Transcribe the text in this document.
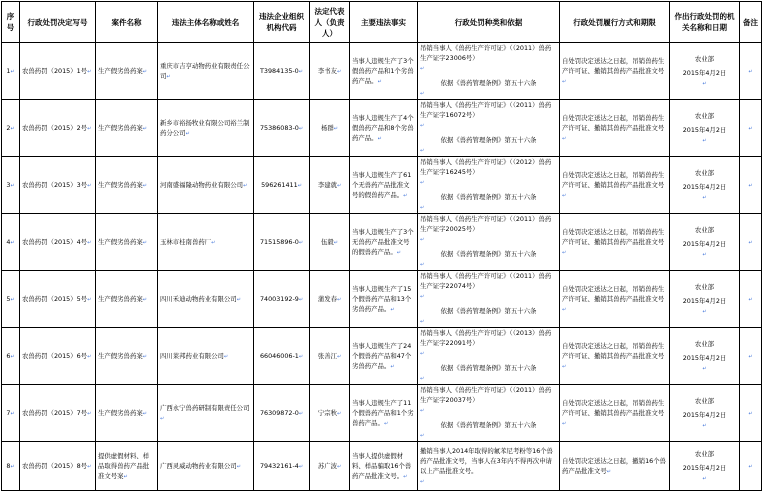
序号	行政处罚决定写号	案件名称	违法主体名称或姓名	违法企业组织机构代码	法定代表人（负责人）	主要违法事实	行政处罚种类和依据	行政处罚履行方式和期限	作出行政处罚的机关名称和日期	备注
1↵	农兽药罚（2015）1号↵	生产假劣兽药案↵	重庆市吉亨动物药业有限责任公司↵	T3984135-0↵	李书友↵	当事人违规生产了3个假兽药产品和1个劣兽药产品。↵	吊销当事人《兽药生产许可证》（（2011）兽药生产证字23006号）
↵
依据《兽药管理条例》第五十六条
↵	自处罚决定送达之日起，吊销兽药生产许可证、撤销其兽药产品批准文号↵	农业部
2015年4月2日
↵	↵
2↵	农兽药罚（2015）2号↵	生产假劣兽药案↵	新乡市裕扬牧业有限公司裕兰制药分公司↵	75386083-0↵	杨群↵	当事人违规生产了4个假兽药产品和8个劣兽药产品。↵	吊销当事人《兽药生产许可证》（（2011）兽药生产证字16072号）
↵
依据《兽药管理条例》第五十六条
↵	自处罚决定送达之日起，吊销兽药生产许可证、撤销其兽药产品批准文号↵	农业部
2015年4月2日
↵	↵
3↵	农兽药罚（2015）3号↵	生产假劣兽药案↵	河南盛福隆动物药业有限公司↵	596261411↵	李建就↵	当事人违规生产了61个无兽药产品批准文号的假兽药产品。↵	吊销当事人《兽药生产许可证》（（2012）兽药生产证字16245号）
↵
依据《兽药管理条例》第五十六条
↵	自处罚决定送达之日起，吊销兽药生产许可证、撤销其兽药产品批准文号↵	农业部
2015年4月2日
↵	↵
4↵	农兽药罚（2015）4号↵	生产假劣兽药案↵	玉林市桂南兽药厂↵	71515896-0↵	伍毅↵	当事人违规生产了3个无兽药产品批准文号的假兽药产品。↵	吊销当事人《兽药生产许可证》（（2011）兽药生产证字20025号）
↵
依据《兽药管理条例》第五十六条
↵	自处罚决定送达之日起，吊销兽药生产许可证、撤销其兽药产品批准文号↵	农业部
2015年4月2日
↵	↵
5↵	农兽药罚（2015）5号↵	生产假劣兽药案↵	四川禾迪动物药业有限公司↵	74003192-9↵	蒲发春↵	当事人违规生产了15个假兽药产品和13个劣兽药产品。↵	吊销当事人《兽药生产许可证》（（2011）兽药生产证字22074号）
↵
依据《兽药管理条例》第五十六条
↵	自处罚决定送达之日起，吊销兽药生产许可证、撤销其兽药产品批准文号↵	农业部
2015年4月2日
↵	↵
6↵	农兽药罚（2015）6号↵	生产假劣兽药案↵	四川莱邦药业有限公司↵	66046006-1↵	张善江↵	当事人违规生产了24个假兽药产品和47个劣兽药产品。↵	吊销当事人《兽药生产许可证》（（2013）兽药生产证字22091号）
↵
依据《兽药管理条例》第五十六条
↵	自处罚决定送达之日起，吊销兽药生产许可证、撤销其兽药产品批准文号↵	农业部
2015年4月2日
↵	↵
7↵	农兽药罚（2015）7号↵	生产假劣兽药案↵	广西永宁兽药研制有限责任公司↵	76309872-0↵	宁宗秋↵	当事人违规生产了11个假兽药产品和1个劣兽药产品。↵	吊销当事人《兽药生产许可证》（（2011）兽药生产证字20037号）
↵
依据《兽药管理条例》第五十六条
↵	自处罚决定送达之日起，吊销兽药生产许可证、撤销其兽药产品批准文号↵	农业部
2015年4月2日
↵	↵
8↵	农兽药罚（2015）8号↵	提供虚假材料、样品取得兽药产品批准文号案↵	广西灵威动物药业有限公司↵	79432161-4↵	苏广波↵	当事人提供虚假材料、样品骗取16个兽药产品批准文号。↵	撤销当事人2014年取得的氟苯尼考粉等16个兽药产品批准文号，当事人在3年内不得再次申请以上产品批准文号。
↵	自处罚决定送达之日起，撤销16个兽药产品批准文号↵	农业部
2015年4月2日
↵	↵
